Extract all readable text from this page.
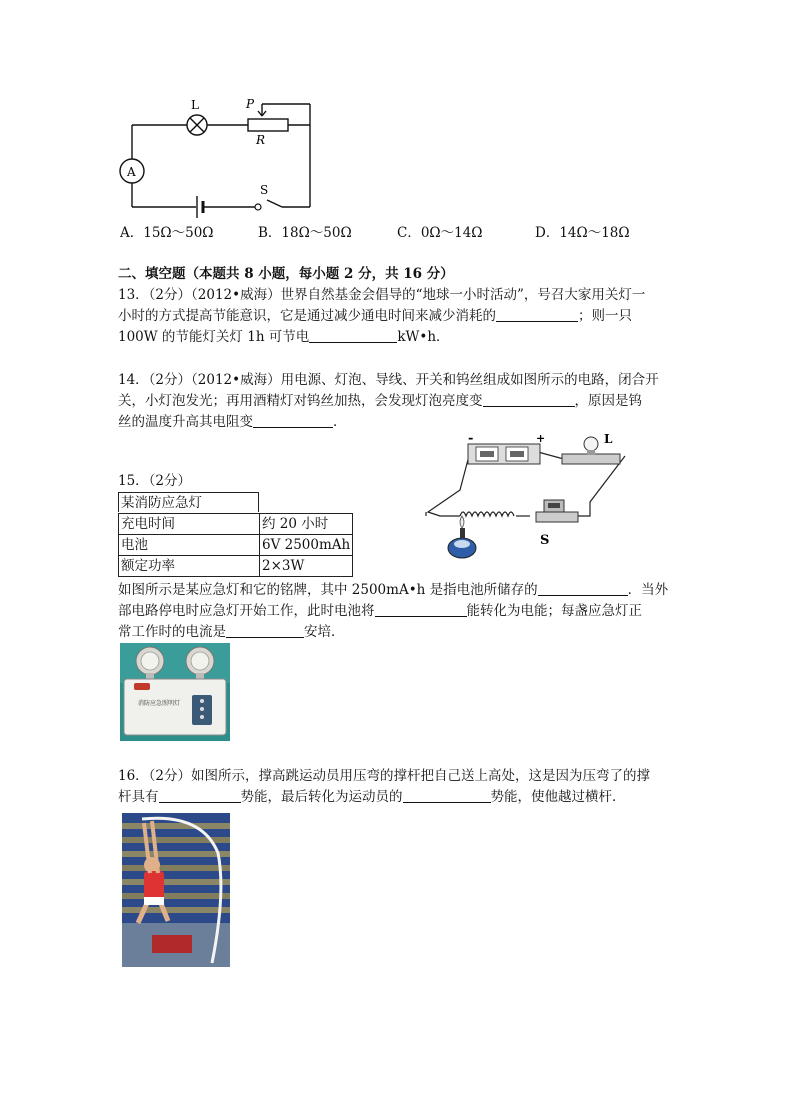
L	P
R
A
S
A．15Ω～50Ω	B．18Ω～50Ω	C．0Ω～14Ω	D．14Ω～18Ω
二、填空题（本题共 8 小题，每小题 2 分，共 16 分）
13．（2分）（2012•威海）世界自然基金会倡导的“地球一小时活动”，号召大家用关灯一
小时的方式提高节能意识，它是通过减少通电时间来减少消耗的	；则一只
100W 的节能灯关灯 1h 可节电	kW•h．
14．（2分）（2012•威海）用电源、灯泡、导线、开关和钨丝组成如图所示的电路，闭合开
关，小灯泡发光；再用酒精灯对钨丝加热，会发现灯泡亮度变	，原因是钨
丝的温度升高其电阻变	．
-	+	L
S
15．（2分）
某消防应急灯
充电时间	约 20 小时
电池	6V 2500mAh
额定功率	2×3W
如图所示是某应急灯和它的铭牌，其中 2500mA•h 是指电池所储存的	．当外
部电路停电时应急灯开始工作，此时电池将	能转化为电能；每盏应急灯正
常工作时的电流是	安培．
消防应急照明灯
16．（2分）如图所示，撑高跳运动员用压弯的撑杆把自己送上高处，这是因为压弯了的撑
杆具有	势能，最后转化为运动员的	势能，使他越过横杆．
